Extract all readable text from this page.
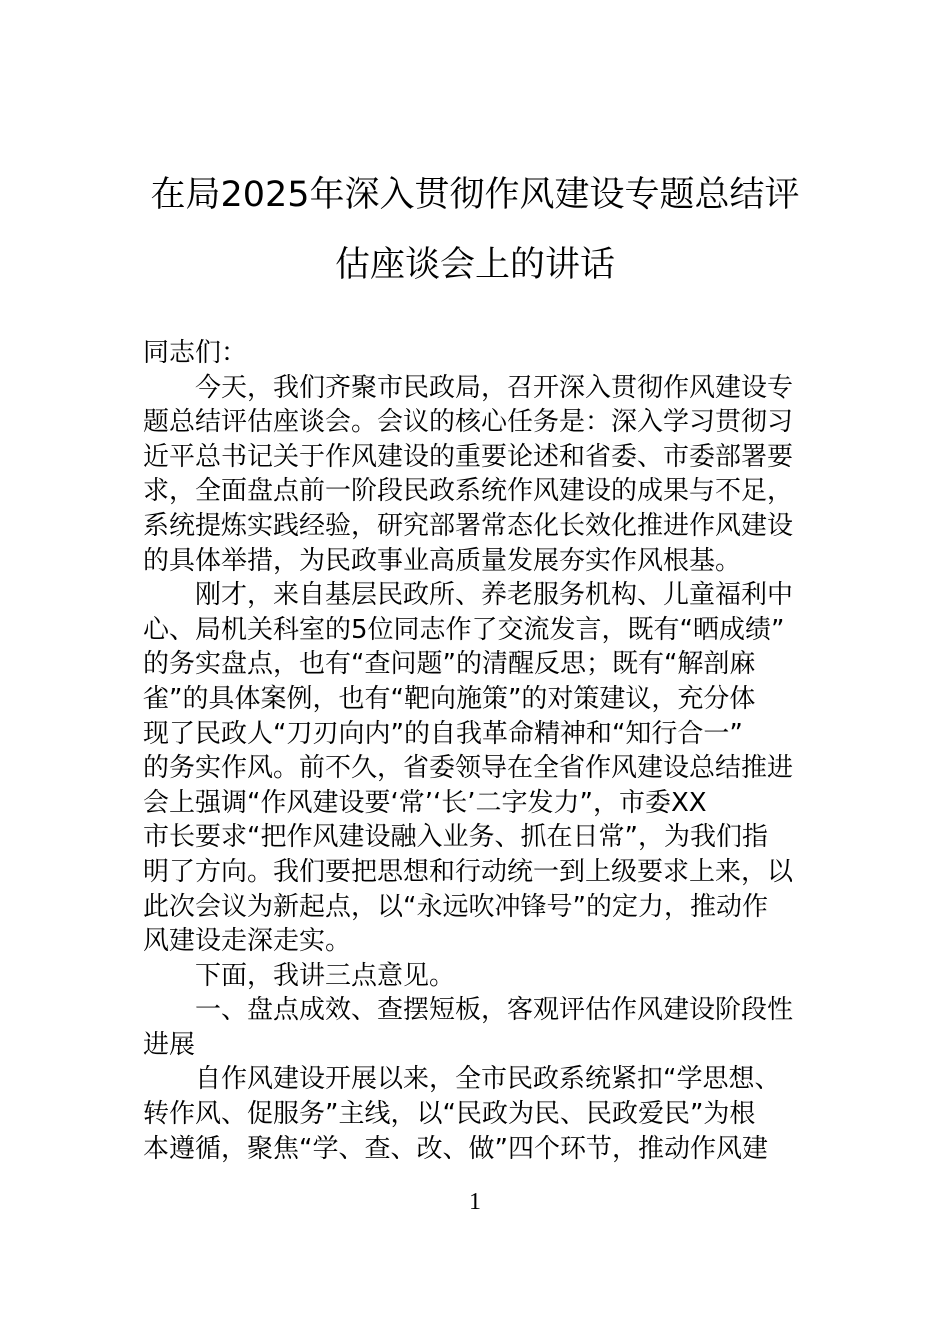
在局2025年深入贯彻作风建设专题总结评
估座谈会上的讲话
同志们：
今天，我们齐聚市民政局，召开深入贯彻作风建设专
题总结评估座谈会。会议的核心任务是：深入学习贯彻习
近平总书记关于作风建设的重要论述和省委、市委部署要
求，全面盘点前一阶段民政系统作风建设的成果与不足，
系统提炼实践经验，研究部署常态化长效化推进作风建设
的具体举措，为民政事业高质量发展夯实作风根基。
刚才，来自基层民政所、养老服务机构、儿童福利中
心、局机关科室的5位同志作了交流发言，既有“晒成绩”
的务实盘点，也有“查问题”的清醒反思；既有“解剖麻
雀”的具体案例，也有“靶向施策”的对策建议，充分体
现了民政人“刀刃向内”的自我革命精神和“知行合一”
的务实作风。前不久，省委领导在全省作风建设总结推进
会上强调“作风建设要‘常’‘长’二字发力”，市委XX
市长要求“把作风建设融入业务、抓在日常”，为我们指
明了方向。我们要把思想和行动统一到上级要求上来，以
此次会议为新起点，以“永远吹冲锋号”的定力，推动作
风建设走深走实。
下面，我讲三点意见。
一、盘点成效、查摆短板，客观评估作风建设阶段性
进展
自作风建设开展以来，全市民政系统紧扣“学思想、
转作风、促服务”主线，以“民政为民、民政爱民”为根
本遵循，聚焦“学、查、改、做”四个环节，推动作风建
1
